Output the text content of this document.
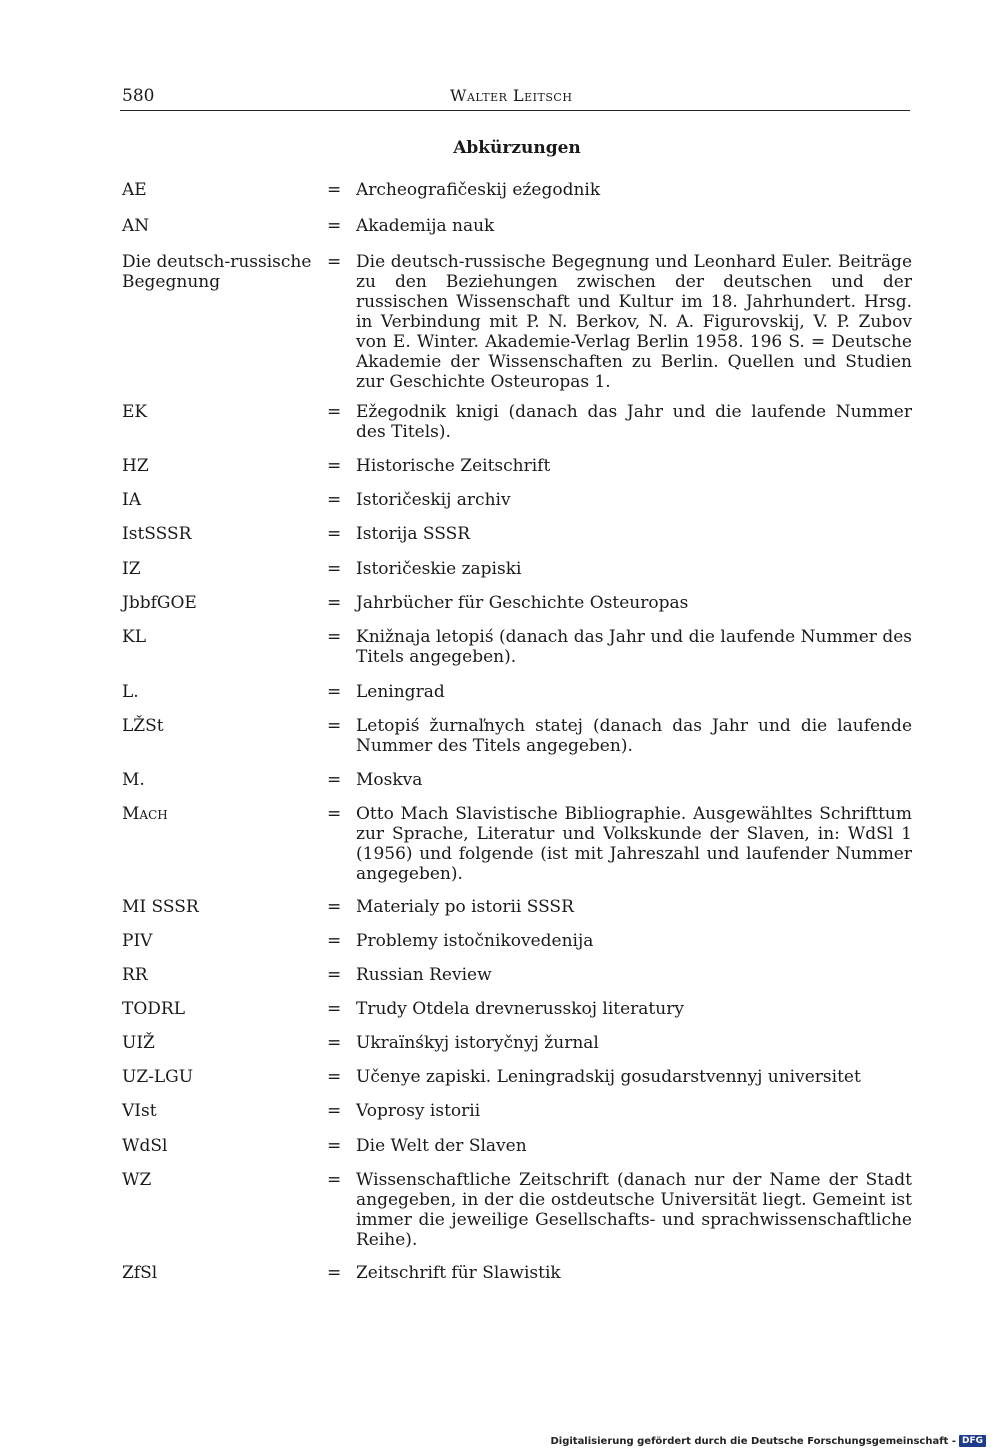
580	Walter Leitsch
Abkürzungen
AE	= Archeografičeskij eźegodnik
AN	= Akademija nauk
Die deutsch-russische Begegnung
= Die deutsch-russische Begegnung und Leonhard Euler. Beiträge zu den Beziehungen zwischen der deutschen und der russischen Wissenschaft und Kultur im 18. Jahrhundert. Hrsg. in Verbindung mit P. N. Berkov, N. A. Figurovskij, V. P. Zubov von E. Winter. Akademie-Verlag Berlin 1958. 196 S. = Deutsche Akademie der Wissenschaften zu Berlin. Quellen und Studien zur Geschichte Osteuropas 1.
EK	= Ežegodnik knigi (danach das Jahr und die laufende Nummer des Titels).
HZ	= Historische Zeitschrift
IA	= Istoričeskij archiv
IstSSSR	= Istorija SSSR
IZ	= Istoričeskie zapiski
JbbfGOE	= Jahrbücher für Geschichte Osteuropas
KL	= Knižnaja letopiś (danach das Jahr und die laufende Nummer des Titels angegeben).
L.	= Leningrad
LŽSt	= Letopiś žurnaľnych statej (danach das Jahr und die laufende Nummer des Titels angegeben).
M.	= Moskva
Mach	= Otto Mach Slavistische Bibliographie. Ausgewähltes Schrifttum zur Sprache, Literatur und Volkskunde der Slaven, in: WdSl 1 (1956) und folgende (ist mit Jahreszahl und laufender Nummer angegeben).
MI SSSR	= Materialy po istorii SSSR
PIV	= Problemy istočnikovedenija
RR	= Russian Review
TODRL	= Trudy Otdela drevnerusskoj literatury
UIŽ	= Ukraïnśkyj istoryčnyj žurnal
UZ-LGU	= Učenye zapiski. Leningradskij gosudarstvennyj universitet
VIst	= Voprosy istorii
WdSl	= Die Welt der Slaven
WZ	= Wissenschaftliche Zeitschrift (danach nur der Name der Stadt angegeben, in der die ostdeutsche Universität liegt. Gemeint ist immer die jeweilige Gesellschafts- und sprachwissenschaftliche Reihe).
ZfSl	= Zeitschrift für Slawistik
Digitalisierung gefördert durch die Deutsche Forschungsgemeinschaft - DFG
